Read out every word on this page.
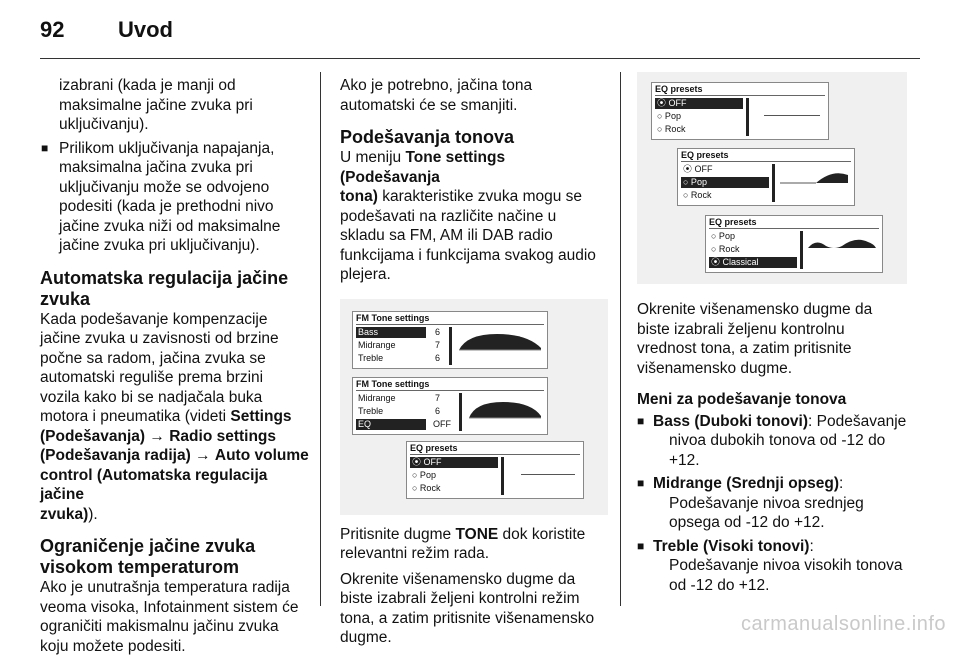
92 Uvod

izabrani (kada je manji od

maksimalne jačine zvuka pri

uključivanju).

■ Prilikom uključivanja napajanja,

maksimalna jačina zvuka pri

uključivanju može se odvojeno

podesiti (kada je prethodni nivo

jačine zvuka niži od maksimalne

jačine zvuka pri uključivanju).

Automatska regulacija jačine
zvuka

Kada podešavanje kompenzacije

jačine zvuka u zavisnosti od brzine

počne sa radom, jačina zvuka se

automatski reguliše prema brzini

vozila kako bi se nadjačala buka

motora i pneumatika (videti Settings

(Podešavanja) → Radio settings

(Podešavanja radija) → Auto volume

control (Automatska regulacija jačine

zvuka)).

Ograničenje jačine zvuka
visokom temperaturom

Ako je unutrašnja temperatura radija

veoma visoka, Infotainment sistem će

ograničiti makismalnu jačinu zvuka

koju možete podesiti.

Ako je potrebno, jačina tona

automatski će se smanjiti.

Podešavanja tonova

U meniju Tone settings (Podešavanja

tona) karakteristike zvuka mogu se

podešavati na različite načine u

skladu sa FM, AM ili DAB radio

funkcijama i funkcijama svakog audio

plejera.

FM Tone settings
Bass	6
Midrange	7
Treble	6
FM Tone settings
Midrange	7
Treble	6
EQ	OFF
EQ presets
⦿ OFF
○ Pop
○ Rock

Pritisnite dugme TONE dok koristite

relevantni režim rada.

Okrenite višenamensko dugme da

biste izabrali željeni kontrolni režim

tona, a zatim pritisnite višenamensko

dugme.

EQ presets
⦿ OFF
○ Pop
○ Rock
EQ presets
⦿ OFF
○ Pop
○ Rock
EQ presets
○ Pop
○ Rock
⦿ Classical

Okrenite višenamensko dugme da

biste izabrali željenu kontrolnu

vrednost tona, a zatim pritisnite

višenamensko dugme.

Meni za podešavanje tonova

■ Bass (Duboki tonovi): Podešavanje

nivoa dubokih tonova od -12 do

+12.

■ Midrange (Srednji opseg):

Podešavanje nivoa srednjeg

opsega od -12 do +12.

■ Treble (Visoki tonovi):

Podešavanje nivoa visokih tonova

od -12 do +12.

carmanualsonline.info
